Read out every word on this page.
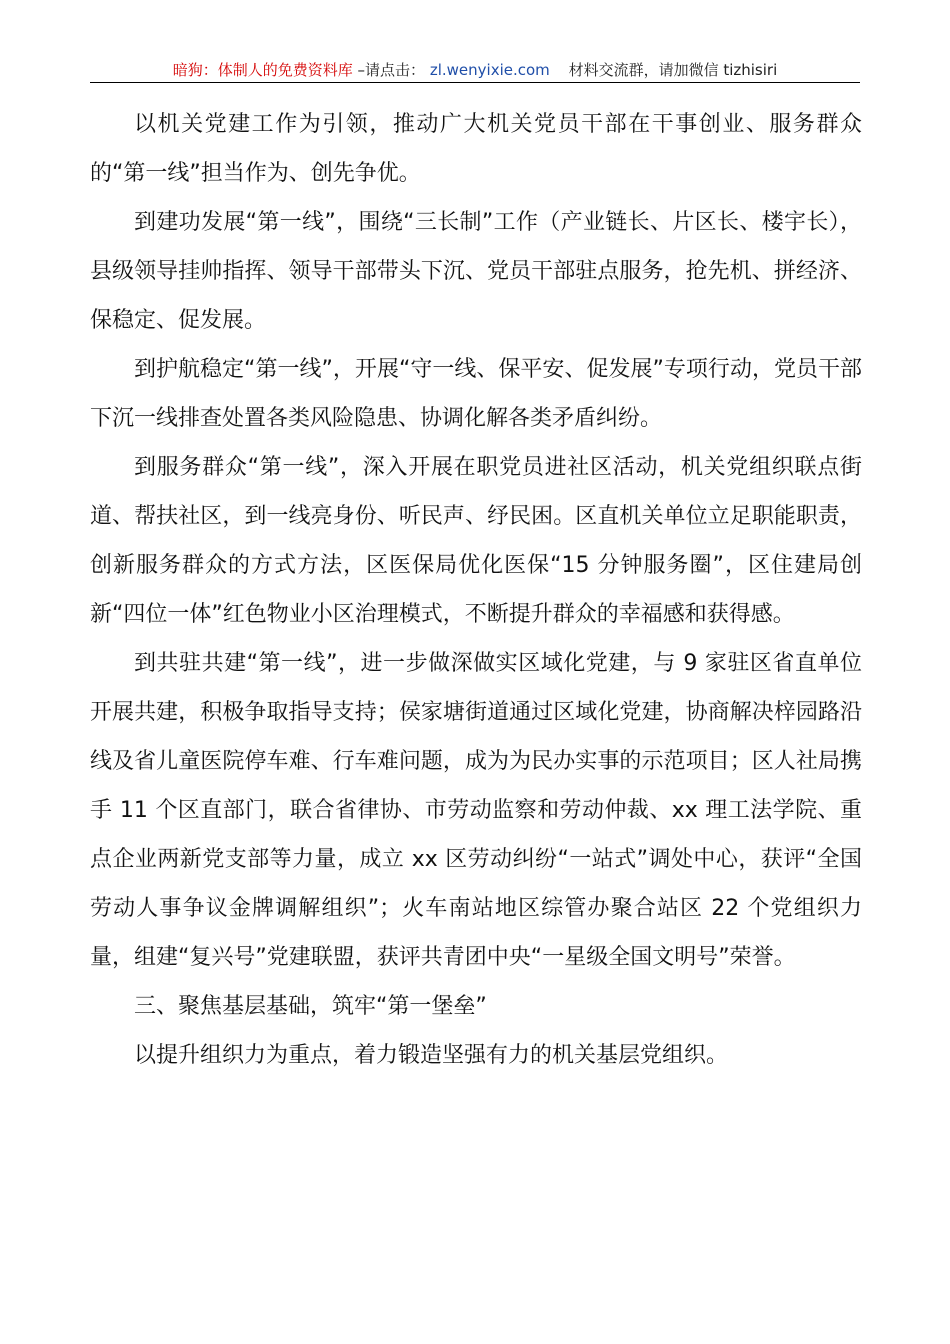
暗狗：体制人的免费资料库 –请点击： zl.wenyixie.com 材料交流群，请加微信 tizhisiri

以机关党建工作为引领，推动广大机关党员干部在干事创业、服务群众的“第一线”担当作为、创先争优。

到建功发展“第一线”，围绕“三长制”工作（产业链长、片区长、楼宇长），县级领导挂帅指挥、领导干部带头下沉、党员干部驻点服务，抢先机、拼经济、保稳定、促发展。

到护航稳定“第一线”，开展“守一线、保平安、促发展”专项行动，党员干部下沉一线排查处置各类风险隐患、协调化解各类矛盾纠纷。

到服务群众“第一线”，深入开展在职党员进社区活动，机关党组织联点街道、帮扶社区，到一线亮身份、听民声、纾民困。区直机关单位立足职能职责，创新服务群众的方式方法，区医保局优化医保“15 分钟服务圈”，区住建局创新“四位一体”红色物业小区治理模式，不断提升群众的幸福感和获得感。

到共驻共建“第一线”，进一步做深做实区域化党建，与 9 家驻区省直单位开展共建，积极争取指导支持；侯家塘街道通过区域化党建，协商解决梓园路沿线及省儿童医院停车难、行车难问题，成为为民办实事的示范项目；区人社局携手 11 个区直部门，联合省律协、市劳动监察和劳动仲裁、xx 理工法学院、重点企业两新党支部等力量，成立 xx 区劳动纠纷“一站式”调处中心，获评“全国劳动人事争议金牌调解组织”；火车南站地区综管办聚合站区 22 个党组织力量，组建“复兴号”党建联盟，获评共青团中央“一星级全国文明号”荣誉。

三、聚焦基层基础，筑牢“第一堡垒”

以提升组织力为重点，着力锻造坚强有力的机关基层党组织。
